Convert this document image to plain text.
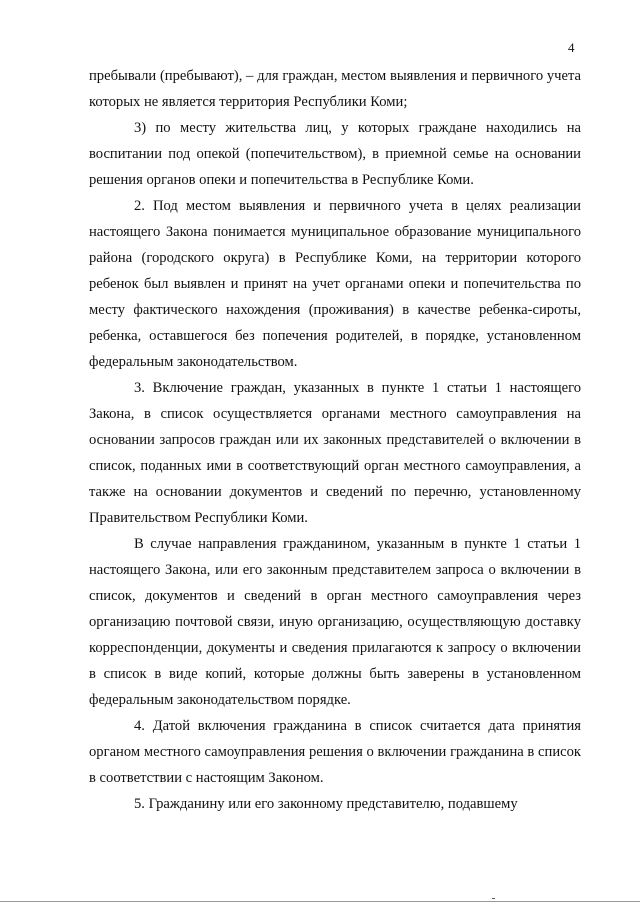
4

пребывали (пребывают), – для граждан, местом выявления и первичного учета которых не является территория Республики Коми;

3) по месту жительства лиц, у которых граждане находились на воспитании под опекой (попечительством), в приемной семье на основании решения органов опеки и попечительства в Республике Коми.

2. Под местом выявления и первичного учета в целях реализации настоящего Закона понимается муниципальное образование муниципального района (городского округа) в Республике Коми, на территории которого ребенок был выявлен и принят на учет органами опеки и попечительства по месту фактического нахождения (проживания) в качестве ребенка-сироты, ребенка, оставшегося без попечения родителей, в порядке, установленном федеральным законодательством.

3. Включение граждан, указанных в пункте 1 статьи 1 настоящего Закона, в список осуществляется органами местного самоуправления на основании запросов граждан или их законных представителей о включении в список, поданных ими в соответствующий орган местного самоуправления, а также на основании документов и сведений по перечню, установленному Правительством Республики Коми.

В случае направления гражданином, указанным в пункте 1 статьи 1 настоящего Закона, или его законным представителем запроса о включении в список, документов и сведений в орган местного самоуправления через организацию почтовой связи, иную организацию, осуществляющую доставку корреспонденции, документы и сведения прилагаются к запросу о включении в список в виде копий, которые должны быть заверены в установленном федеральным законодательством порядке.

4. Датой включения гражданина в список считается дата принятия органом местного самоуправления решения о включении гражданина в список в соответствии с настоящим Законом.

5. Гражданину или его законному представителю, подавшему
